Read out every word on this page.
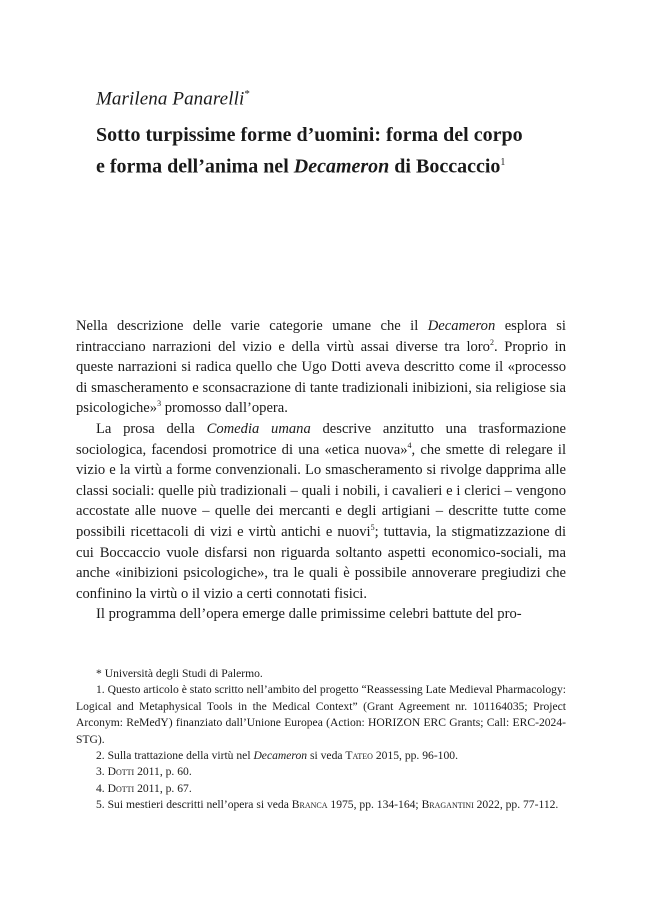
Marilena Panarelli*
Sotto turpissime forme d’uomini: forma del corpo
e forma dell’anima nel Decameron di Boccaccio$^1$

Nella descrizione delle varie categorie umane che il Decameron esplora si rintracciano narrazioni del vizio e della virtù assai diverse tra loro$^2$. Proprio in queste narrazioni si radica quello che Ugo Dotti aveva descritto come il «processo di smascheramento e sconsacrazione di tante tradizionali inibizioni, sia religiose sia psicologiche»$^3$ promosso dall’opera.

La prosa della Comedia umana descrive anzitutto una trasformazione sociologica, facendosi promotrice di una «etica nuova»$^4$, che smette di relegare il vizio e la virtù a forme convenzionali. Lo smascheramento si rivolge dapprima alle classi sociali: quelle più tradizionali – quali i nobili, i cavalieri e i clerici – vengono accostate alle nuove – quelle dei mercanti e degli artigiani – descritte tutte come possibili ricettacoli di vizi e virtù antichi e nuovi$^5$; tuttavia, la stigmatizzazione di cui Boccaccio vuole disfarsi non riguarda soltanto aspetti economico-sociali, ma anche «inibizioni psicologiche», tra le quali è possibile annoverare pregiudizi che confinino la virtù o il vizio a certi connotati fisici.

Il programma dell’opera emerge dalle primissime celebri battute del pro-

* Università degli Studi di Palermo.

1. Questo articolo è stato scritto nell’ambito del progetto “Reassessing Late Medieval Pharmacology: Logical and Metaphysical Tools in the Medical Context” (Grant Agreement nr. 101164035; Project Arconym: ReMedY) finanziato dall’Unione Europea (Action: HORIZON ERC Grants; Call: ERC-2024-STG).

2. Sulla trattazione della virtù nel Decameron si veda Tateo 2015, pp. 96-100.

3. Dotti 2011, p. 60.

4. Dotti 2011, p. 67.

5. Sui mestieri descritti nell’opera si veda Branca 1975, pp. 134-164; Bragantini 2022, pp. 77-112.
